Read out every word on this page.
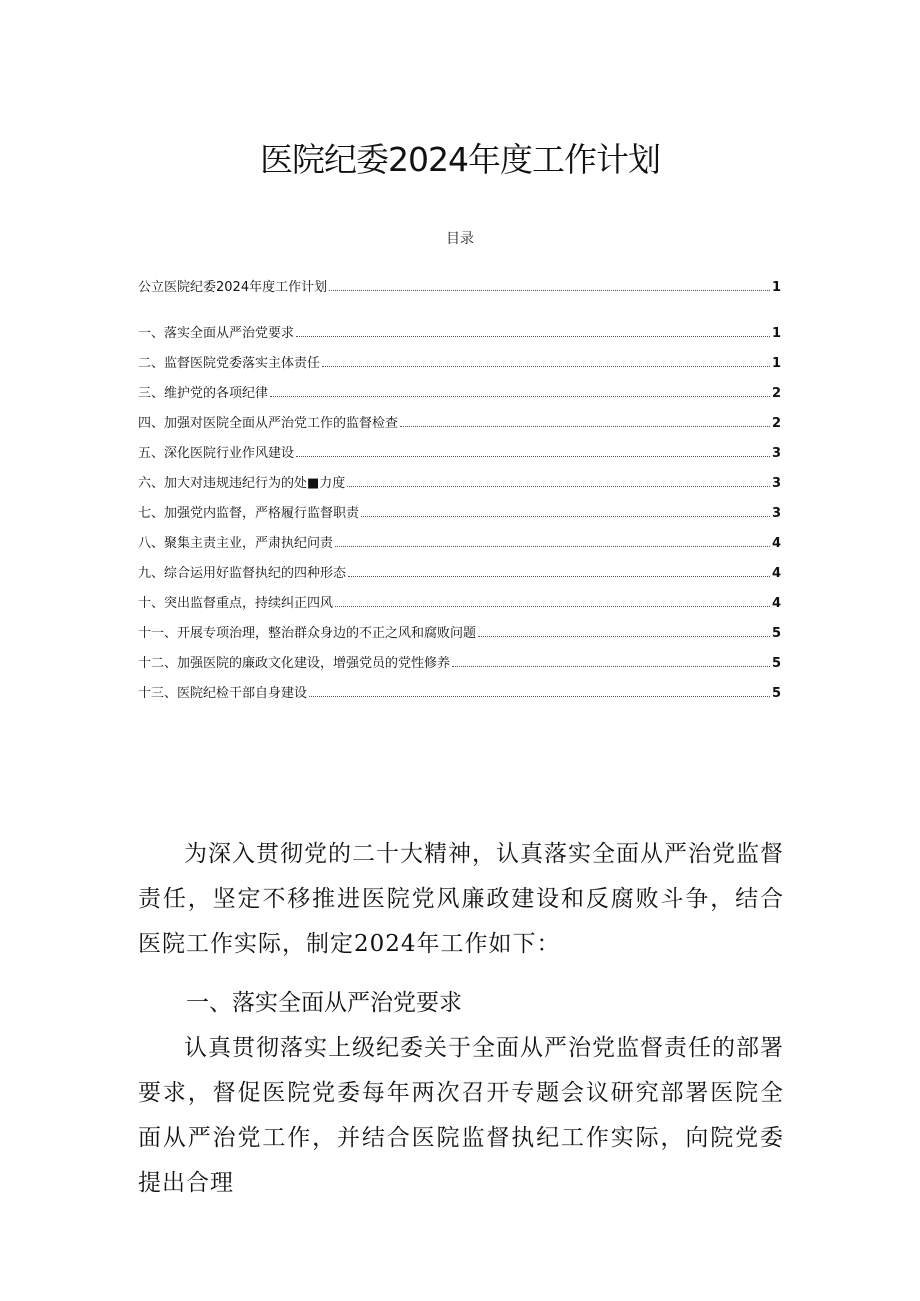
医院纪委2024年度工作计划
目录
公立医院纪委2024年度工作计划	1
一、落实全面从严治党要求	1
二、监督医院党委落实主体责任	1
三、维护党的各项纪律	2
四、加强对医院全面从严治党工作的监督检查	2
五、深化医院行业作风建设	3
六、加大对违规违纪行为的处■力度	3
七、加强党内监督，严格履行监督职责	3
八、聚集主责主业，严肃执纪问责	4
九、综合运用好监督执纪的四种形态	4
十、突出监督重点，持续纠正四风	4
十一、开展专项治理，整治群众身边的不正之风和腐败问题	5
十二、加强医院的廉政文化建设，增强党员的党性修养	5
十三、医院纪检干部自身建设	5

为深入贯彻党的二十大精神，认真落实全面从严治党监督责任，坚定不移推进医院党风廉政建设和反腐败斗争，结合医院工作实际，制定2024年工作如下：

一、落实全面从严治党要求

认真贯彻落实上级纪委关于全面从严治党监督责任的部署要求，督促医院党委每年两次召开专题会议研究部署医院全面从严治党工作，并结合医院监督执纪工作实际，向院党委提出合理
